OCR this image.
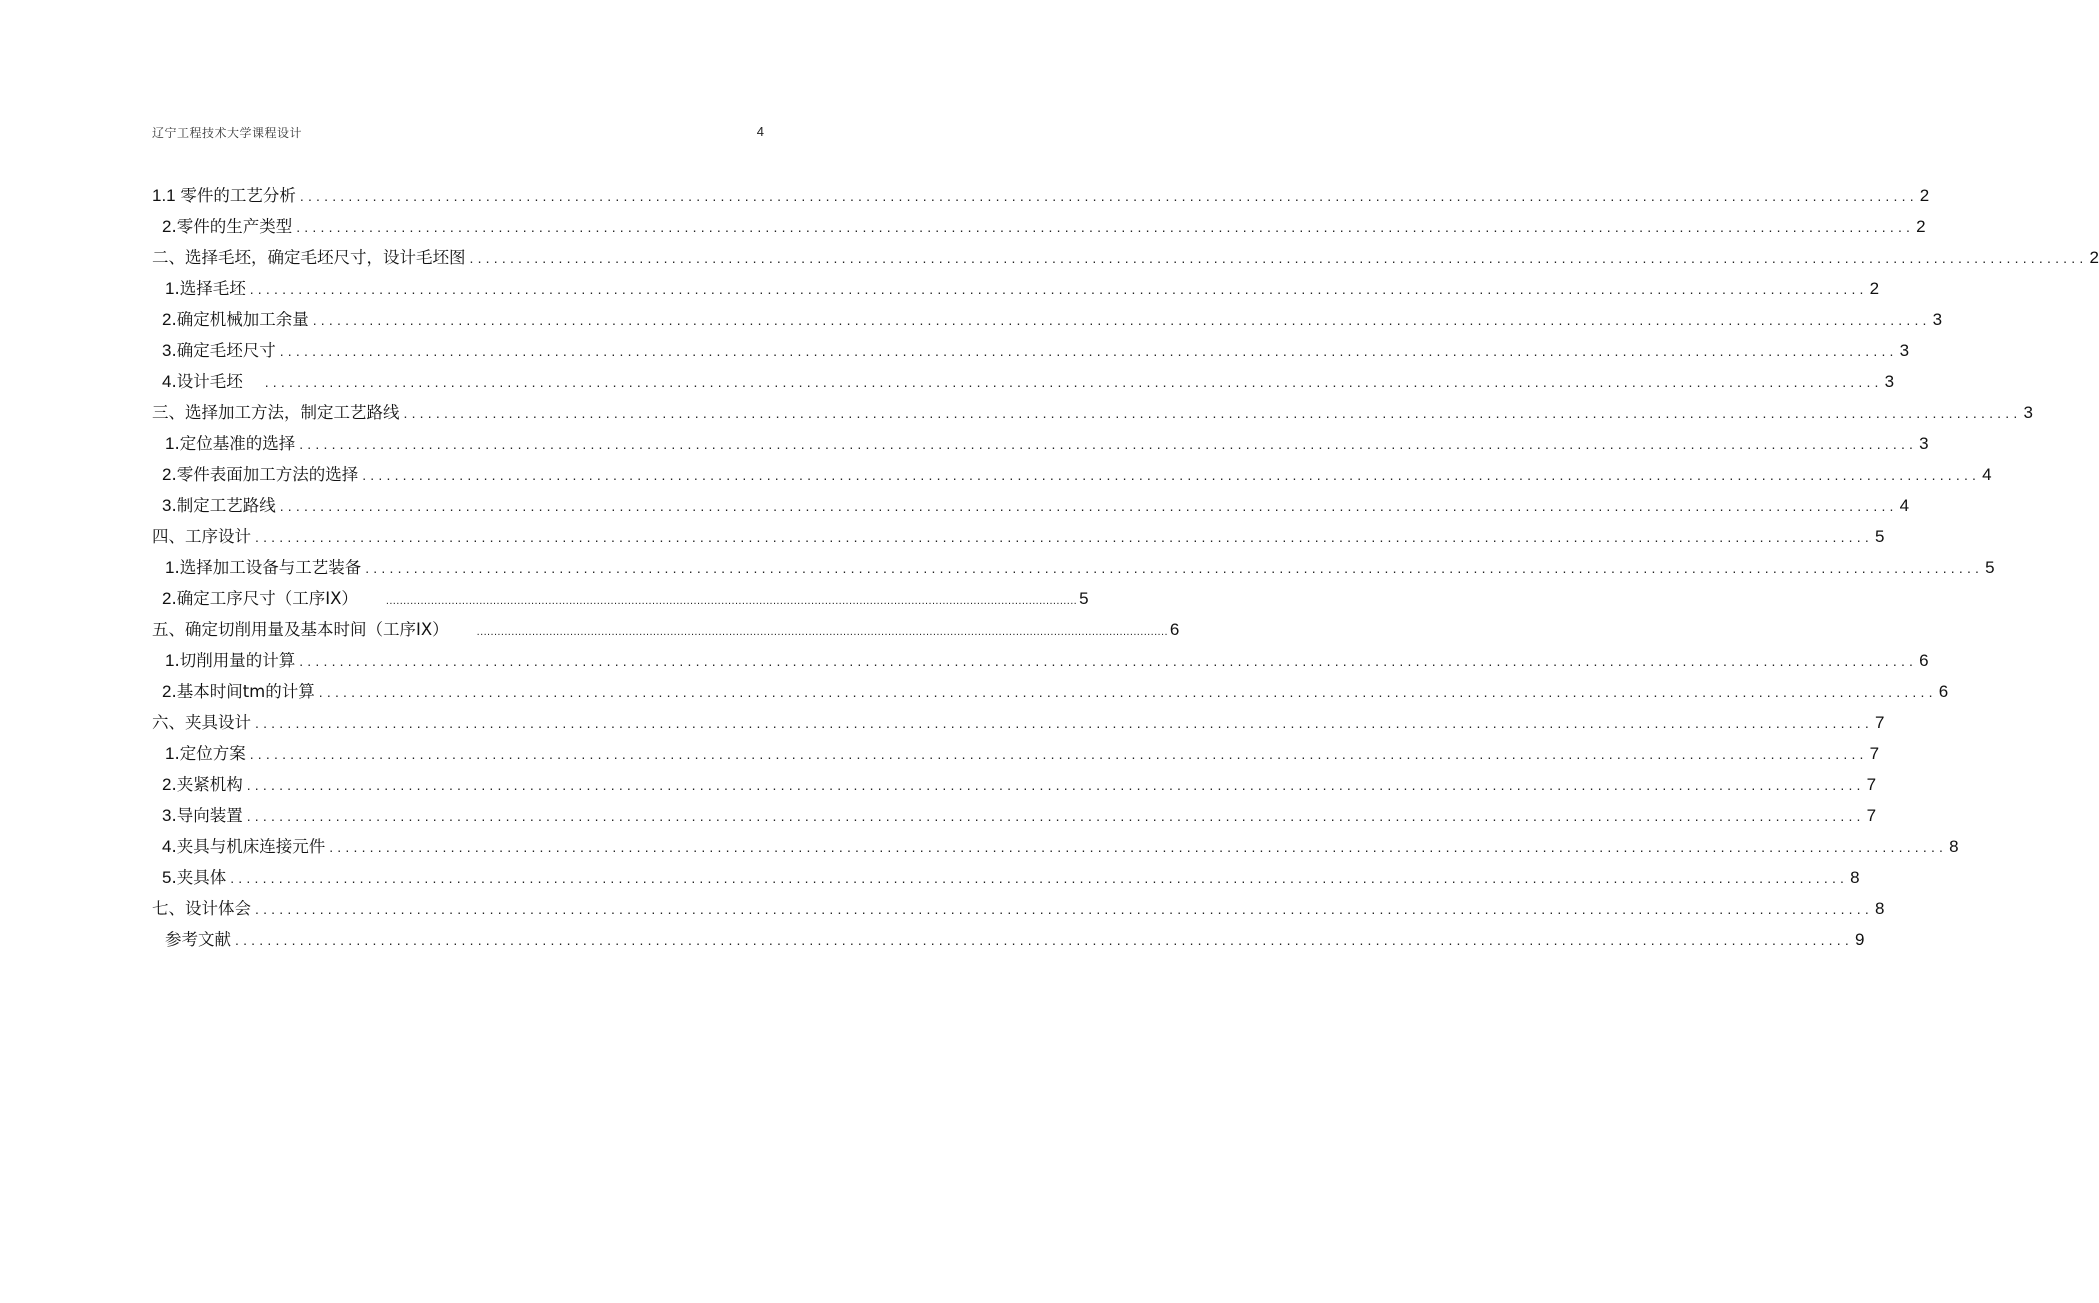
辽宁工程技术大学课程设计	4
1.1 零件的工艺分析 ........................................................................................................................................................................................................ 2
2.零件的生产类型 ........................................................................................................................................................................................................ 2
二、选择毛坯，确定毛坯尺寸，设计毛坯图 ........................................................................................................................................................................................................ 2
1.选择毛坯 ........................................................................................................................................................................................................ 2
2.确定机械加工余量 ........................................................................................................................................................................................................ 3
3.确定毛坯尺寸 ........................................................................................................................................................................................................ 3
4.设计毛坯	........................................................................................................................................................................................................ 3
三、选择加工方法，制定工艺路线 ........................................................................................................................................................................................................ 3
1.定位基准的选择 ........................................................................................................................................................................................................ 3
2.零件表面加工方法的选择 ........................................................................................................................................................................................................ 4
3.制定工艺路线 ........................................................................................................................................................................................................ 4
四、工序设计 ........................................................................................................................................................................................................ 5
1.选择加工设备与工艺装备 ........................................................................................................................................................................................................ 5
2.确定工序尺寸（工序IX）	........................................................................................................................................................................................................ 5
五、确定切削用量及基本时间（工序IX）	........................................................................................................................................................................................................ 6
1.切削用量的计算 ........................................................................................................................................................................................................ 6
2.基本时间tm的计算 ........................................................................................................................................................................................................ 6
六、夹具设计 ........................................................................................................................................................................................................ 7
1.定位方案 ........................................................................................................................................................................................................ 7
2.夹紧机构 ........................................................................................................................................................................................................ 7
3.导向装置 ........................................................................................................................................................................................................ 7
4.夹具与机床连接元件 ........................................................................................................................................................................................................ 8
5.夹具体 ........................................................................................................................................................................................................ 8
七、设计体会 ........................................................................................................................................................................................................ 8
参考文献 ........................................................................................................................................................................................................ 9
